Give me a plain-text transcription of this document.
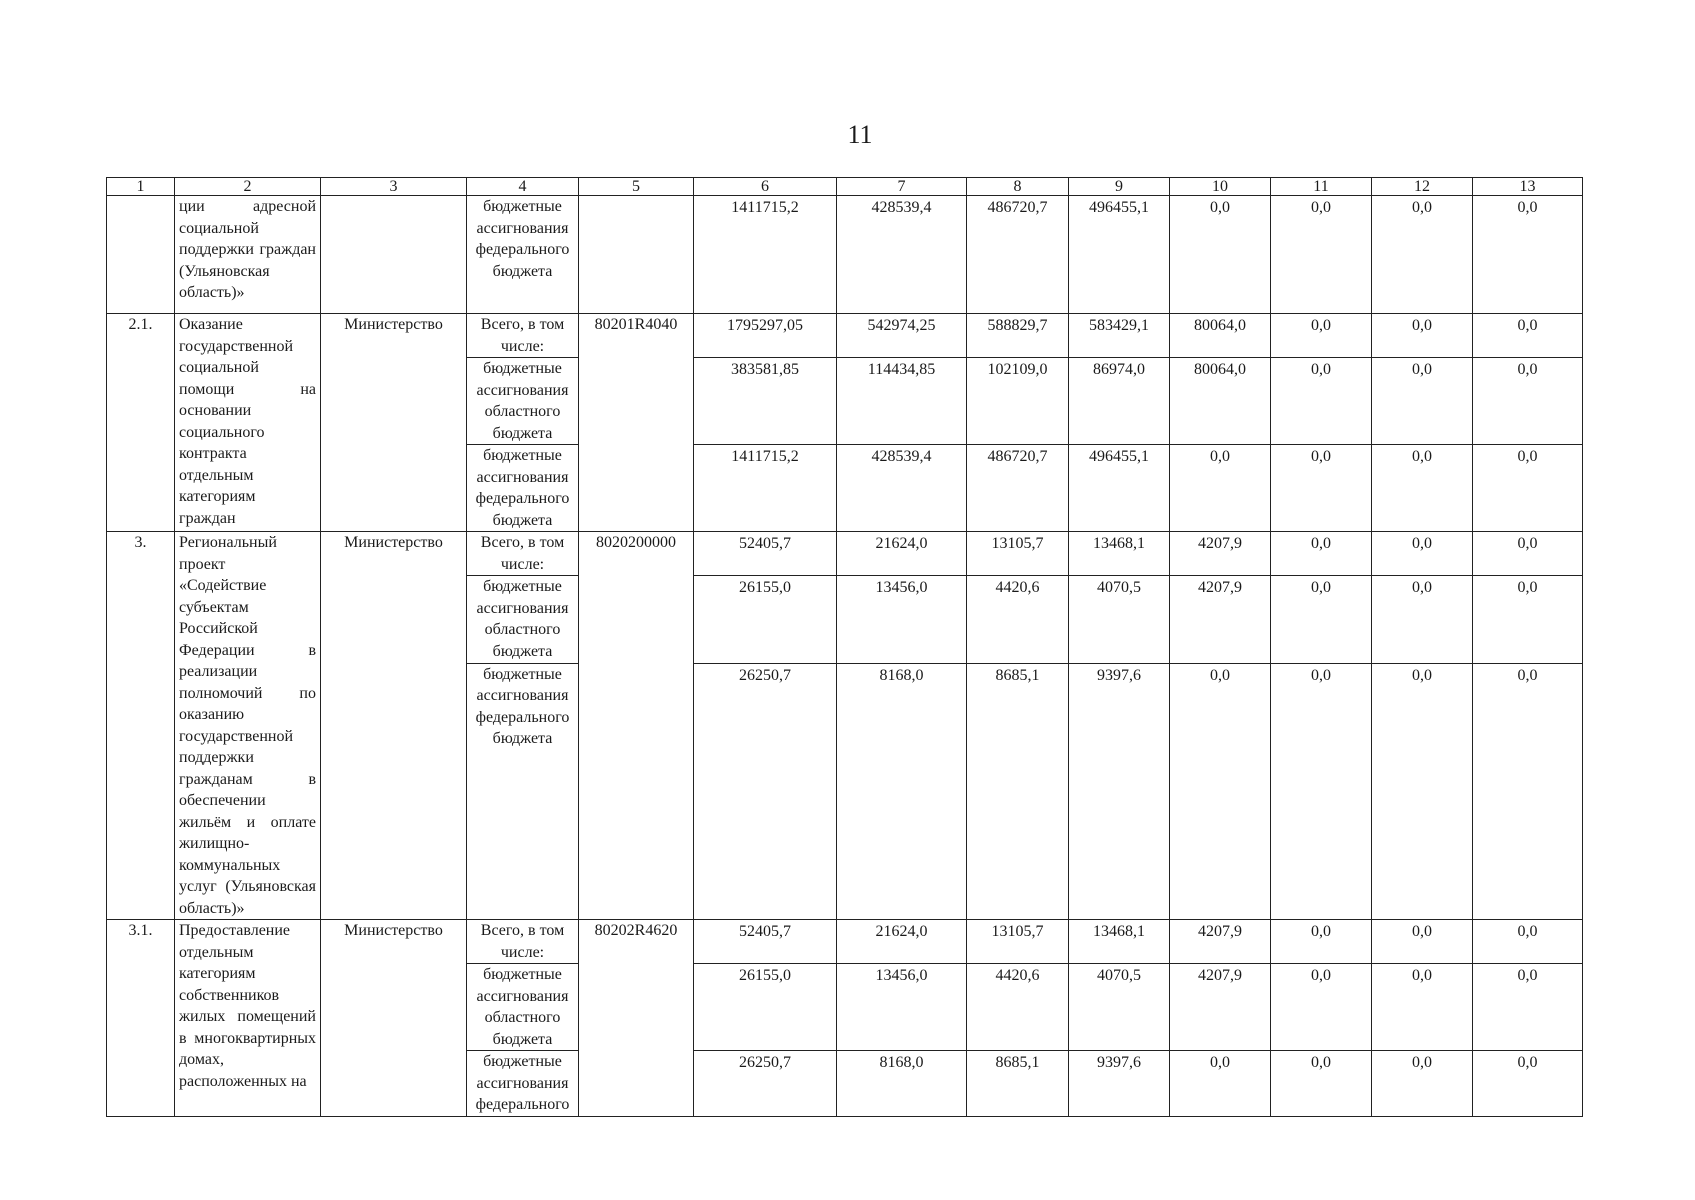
11
1	2	3	4	5	6	7	8	9	10	11	12	13
	ции адресной социальной поддержки граждан (Ульяновская область)»		бюджетные ассигнования федерального бюджета		1411715,2	428539,4	486720,7	496455,1	0,0	0,0	0,0	0,0
2.1.	Оказание государственной социальной помощи на основании социального контракта отдельным категориям граждан	Министерство	Всего, в том числе:	80201R4040	1795297,05	542974,25	588829,7	583429,1	80064,0	0,0	0,0	0,0
			бюджетные ассигнования областного бюджета		383581,85	114434,85	102109,0	86974,0	80064,0	0,0	0,0	0,0
			бюджетные ассигнования федерального бюджета		1411715,2	428539,4	486720,7	496455,1	0,0	0,0	0,0	0,0
3.	Региональный проект «Содействие субъектам Российской Федерации в реализации полномочий по оказанию государственной поддержки гражданам в обеспечении жильём и оплате жилищно-коммунальных услуг (Ульяновская область)»	Министерство	Всего, в том числе:	8020200000	52405,7	21624,0	13105,7	13468,1	4207,9	0,0	0,0	0,0
			бюджетные ассигнования областного бюджета		26155,0	13456,0	4420,6	4070,5	4207,9	0,0	0,0	0,0
			бюджетные ассигнования федерального бюджета		26250,7	8168,0	8685,1	9397,6	0,0	0,0	0,0	0,0
3.1.	Предоставление отдельным категориям собственников жилых помещений в многоквартирных домах, расположенных на	Министерство	Всего, в том числе:	80202R4620	52405,7	21624,0	13105,7	13468,1	4207,9	0,0	0,0	0,0
			бюджетные ассигнования областного бюджета		26155,0	13456,0	4420,6	4070,5	4207,9	0,0	0,0	0,0
			бюджетные ассигнования федерального		26250,7	8168,0	8685,1	9397,6	0,0	0,0	0,0	0,0
